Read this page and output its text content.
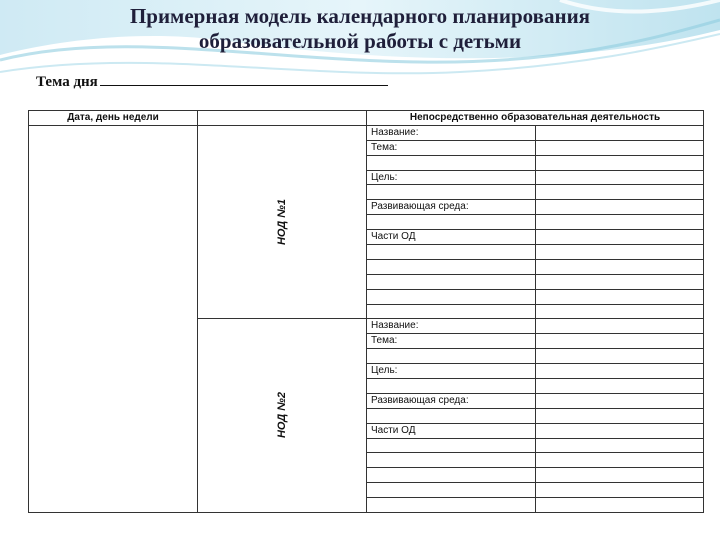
Примерная модель календарного планирования
образовательной работы с детьми
Тема дня
Дата, день недели		Непосредственно образовательная деятельность	
	НОД №1	Название:	
		Тема:	

		Цель:	

		Развивающая среда:	

		Части ОД	

	НОД №2	Название:	
		Тема:	

		Цель:	

		Развивающая среда:	

		Части ОД	
